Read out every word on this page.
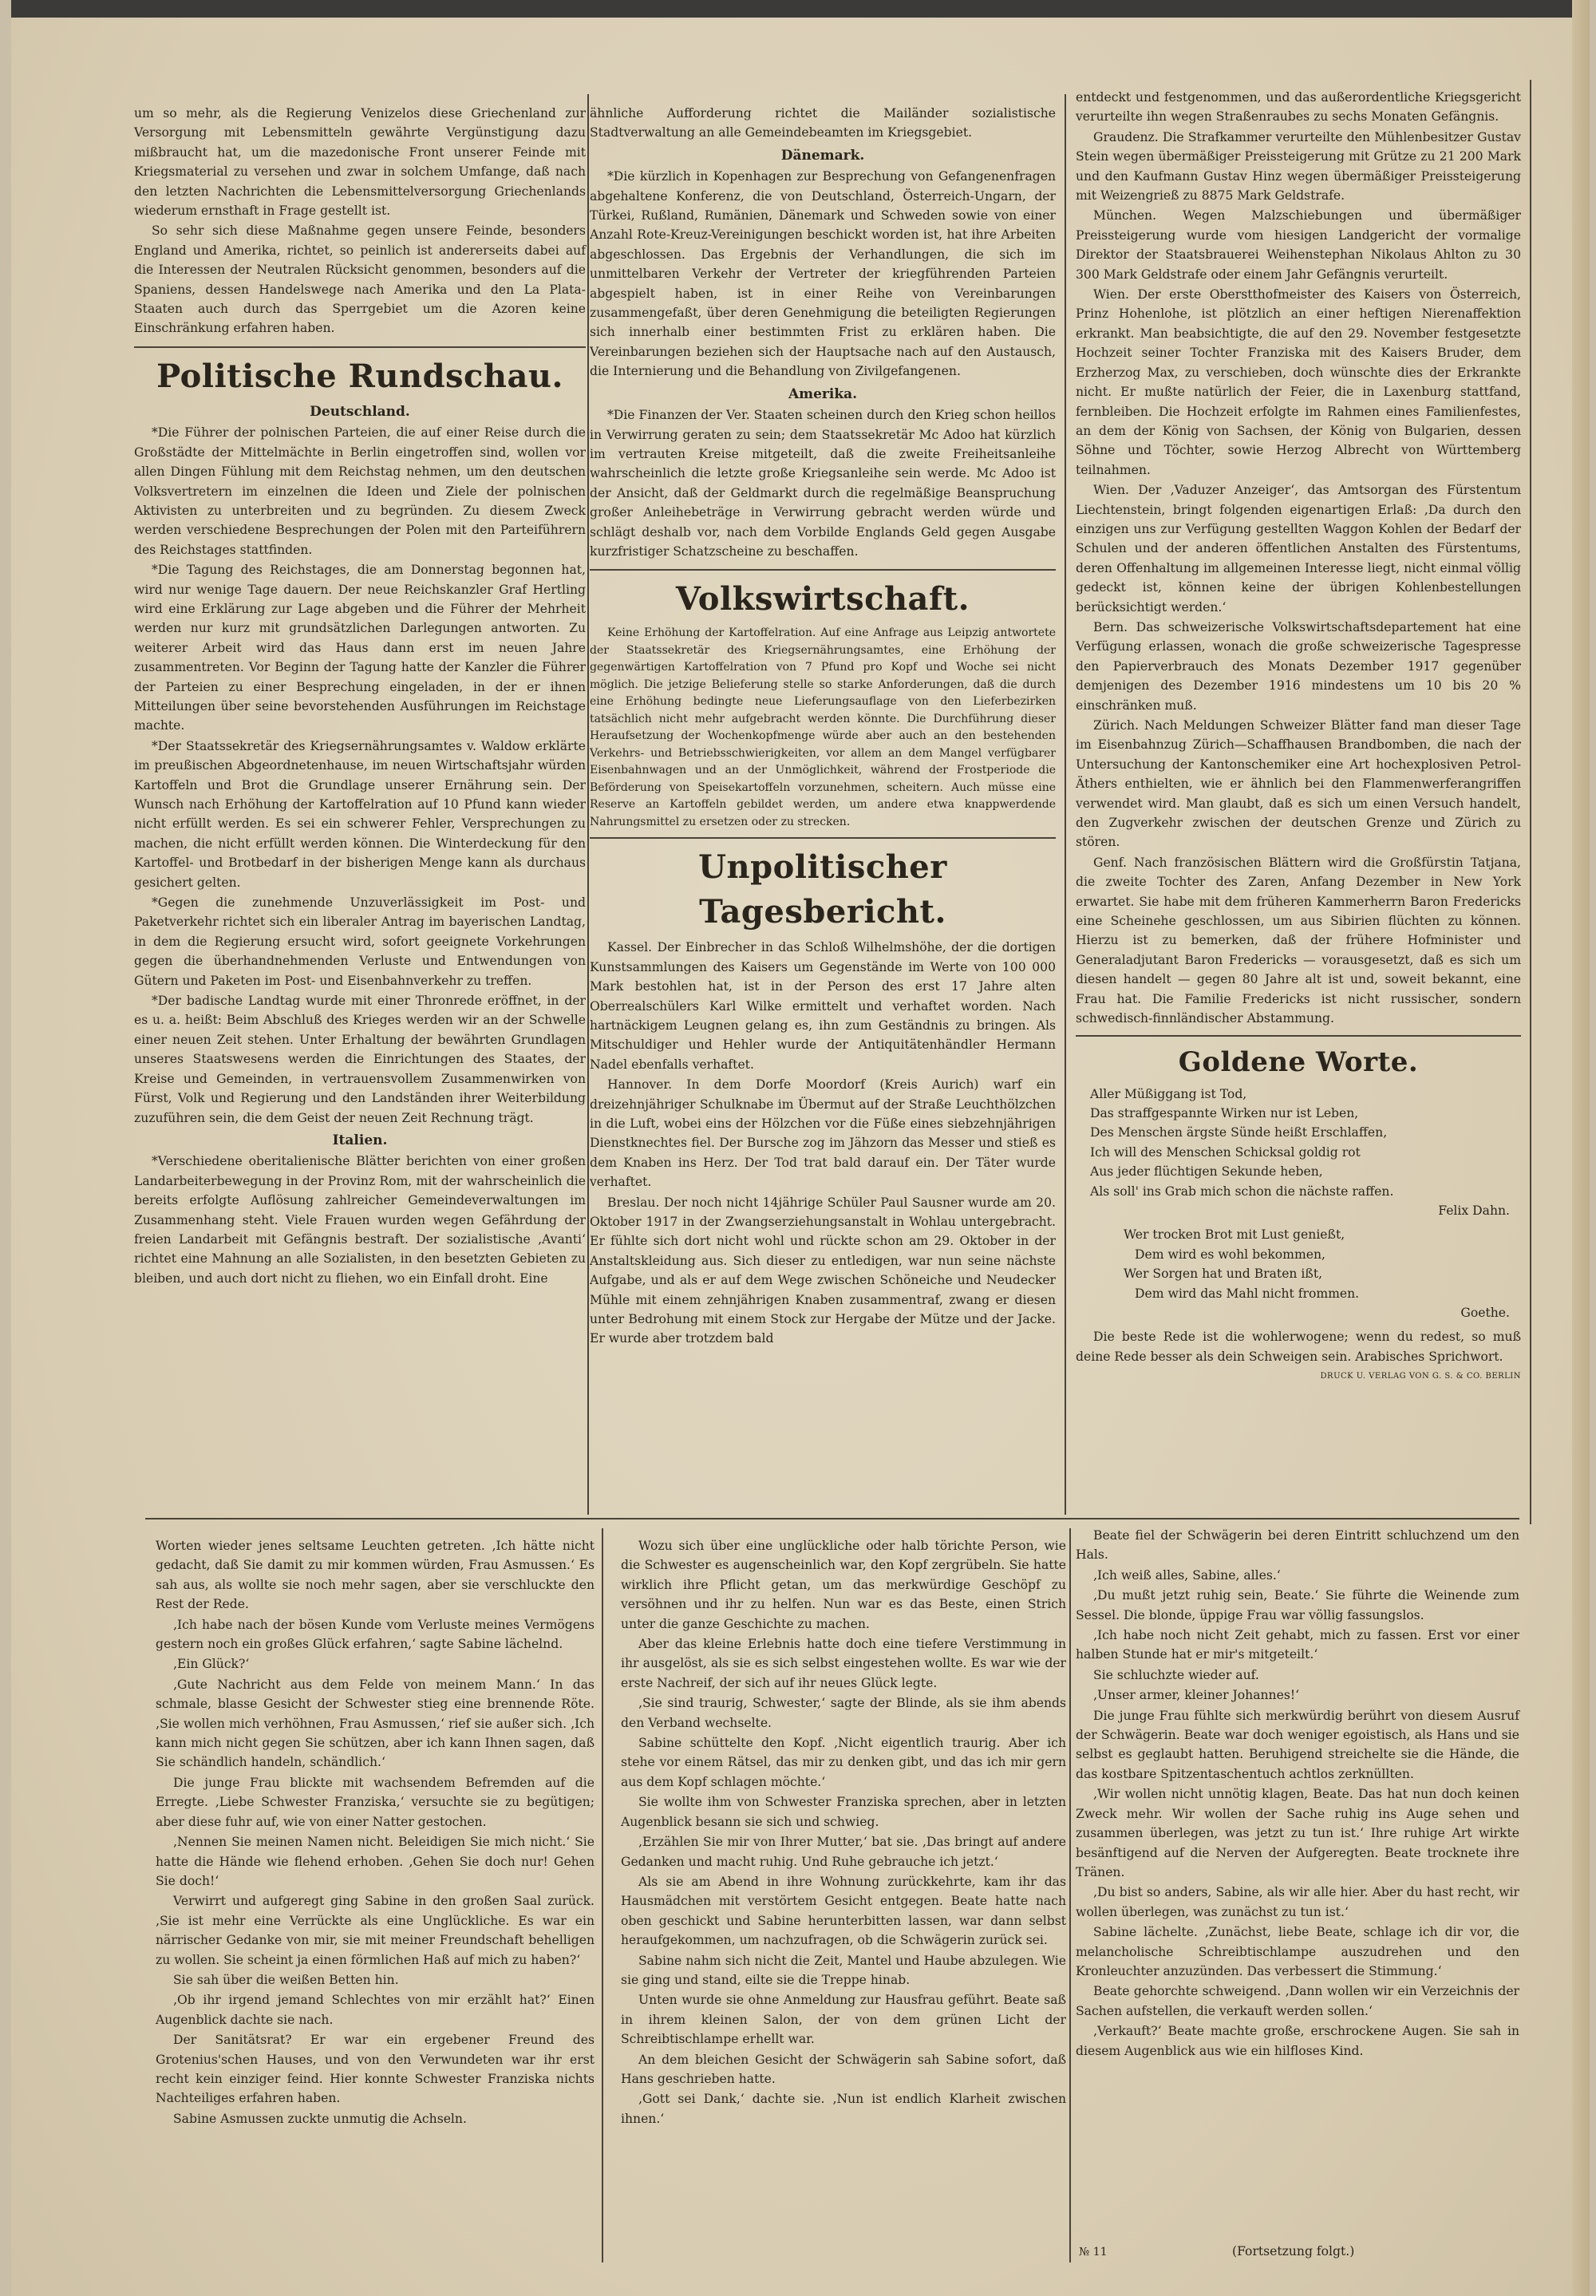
um so mehr, als die Regierung Venizelos diese Griechenland zur Versorgung mit Lebensmitteln gewährte Vergünstigung dazu mißbraucht hat, um die mazedonische Front unserer Feinde mit Kriegsmaterial zu versehen und zwar in solchem Umfange, daß nach den letzten Nachrichten die Lebensmittelversorgung Griechenlands wiederum ernsthaft in Frage gestellt ist.

So sehr sich diese Maßnahme gegen unsere Feinde, besonders England und Amerika, richtet, so peinlich ist andererseits dabei auf die Interessen der Neutralen Rücksicht genommen, besonders auf die Spaniens, dessen Handelswege nach Amerika und den La Plata-Staaten auch durch das Sperrgebiet um die Azoren keine Einschränkung erfahren haben.

Politische Rundschau.
Deutschland.

*Die Führer der polnischen Parteien, die auf einer Reise durch die Großstädte der Mittelmächte in Berlin eingetroffen sind, wollen vor allen Dingen Fühlung mit dem Reichstag nehmen, um den deutschen Volksvertretern im einzelnen die Ideen und Ziele der polnischen Aktivisten zu unterbreiten und zu begründen. Zu diesem Zweck werden verschiedene Besprechungen der Polen mit den Parteiführern des Reichstages stattfinden.

*Die Tagung des Reichstages, die am Donnerstag begonnen hat, wird nur wenige Tage dauern. Der neue Reichskanzler Graf Hertling wird eine Erklärung zur Lage abgeben und die Führer der Mehrheit werden nur kurz mit grundsätzlichen Darlegungen antworten. Zu weiterer Arbeit wird das Haus dann erst im neuen Jahre zusammentreten. Vor Beginn der Tagung hatte der Kanzler die Führer der Parteien zu einer Besprechung eingeladen, in der er ihnen Mitteilungen über seine bevorstehenden Ausführungen im Reichstage machte.

*Der Staatssekretär des Kriegsernährungsamtes v. Waldow erklärte im preußischen Abgeordnetenhause, im neuen Wirtschaftsjahr würden Kartoffeln und Brot die Grundlage unserer Ernährung sein. Der Wunsch nach Erhöhung der Kartoffelration auf 10 Pfund kann wieder nicht erfüllt werden. Es sei ein schwerer Fehler, Versprechungen zu machen, die nicht erfüllt werden können. Die Winterdeckung für den Kartoffel- und Brotbedarf in der bisherigen Menge kann als durchaus gesichert gelten.

*Gegen die zunehmende Unzuverlässigkeit im Post- und Paketverkehr richtet sich ein liberaler Antrag im bayerischen Landtag, in dem die Regierung ersucht wird, sofort geeignete Vorkehrungen gegen die überhandnehmenden Verluste und Entwendungen von Gütern und Paketen im Post- und Eisenbahnverkehr zu treffen.

*Der badische Landtag wurde mit einer Thronrede eröffnet, in der es u. a. heißt: Beim Abschluß des Krieges werden wir an der Schwelle einer neuen Zeit stehen. Unter Erhaltung der bewährten Grundlagen unseres Staatswesens werden die Einrichtungen des Staates, der Kreise und Gemeinden, in vertrauensvollem Zusammenwirken von Fürst, Volk und Regierung und den Landständen ihrer Weiterbildung zuzuführen sein, die dem Geist der neuen Zeit Rechnung trägt.

Italien.

*Verschiedene oberitalienische Blätter berichten von einer großen Landarbeiterbewegung in der Provinz Rom, mit der wahrscheinlich die bereits erfolgte Auflösung zahlreicher Gemeindeverwaltungen im Zusammenhang steht. Viele Frauen wurden wegen Gefährdung der freien Landarbeit mit Gefängnis bestraft. Der sozialistische ‚Avanti‘ richtet eine Mahnung an alle Sozialisten, in den besetzten Gebieten zu bleiben, und auch dort nicht zu fliehen, wo ein Einfall droht. Eine

ähnliche Aufforderung richtet die Mailänder sozialistische Stadtverwaltung an alle Gemeindebeamten im Kriegsgebiet.

Dänemark.

*Die kürzlich in Kopenhagen zur Besprechung von Gefangenenfragen abgehaltene Konferenz, die von Deutschland, Österreich-Ungarn, der Türkei, Rußland, Rumänien, Dänemark und Schweden sowie von einer Anzahl Rote-Kreuz-Vereinigungen beschickt worden ist, hat ihre Arbeiten abgeschlossen. Das Ergebnis der Verhandlungen, die sich im unmittelbaren Verkehr der Vertreter der kriegführenden Parteien abgespielt haben, ist in einer Reihe von Vereinbarungen zusammengefaßt, über deren Genehmigung die beteiligten Regierungen sich innerhalb einer bestimmten Frist zu erklären haben. Die Vereinbarungen beziehen sich der Hauptsache nach auf den Austausch, die Internierung und die Behandlung von Zivilgefangenen.

Amerika.

*Die Finanzen der Ver. Staaten scheinen durch den Krieg schon heillos in Verwirrung geraten zu sein; dem Staatssekretär Mc Adoo hat kürzlich im vertrauten Kreise mitgeteilt, daß die zweite Freiheitsanleihe wahrscheinlich die letzte große Kriegsanleihe sein werde. Mc Adoo ist der Ansicht, daß der Geldmarkt durch die regelmäßige Beanspruchung großer Anleihebeträge in Verwirrung gebracht werden würde und schlägt deshalb vor, nach dem Vorbilde Englands Geld gegen Ausgabe kurzfristiger Schatzscheine zu beschaffen.

Volkswirtschaft.

Keine Erhöhung der Kartoffelration. Auf eine Anfrage aus Leipzig antwortete der Staatssekretär des Kriegsernährungsamtes, eine Erhöhung der gegenwärtigen Kartoffelration von 7 Pfund pro Kopf und Woche sei nicht möglich. Die jetzige Belieferung stelle so starke Anforderungen, daß die durch eine Erhöhung bedingte neue Lieferungsauflage von den Lieferbezirken tatsächlich nicht mehr aufgebracht werden könnte. Die Durchführung dieser Heraufsetzung der Wochenkopfmenge würde aber auch an den bestehenden Verkehrs- und Betriebsschwierigkeiten, vor allem an dem Mangel verfügbarer Eisenbahnwagen und an der Unmöglichkeit, während der Frostperiode die Beförderung von Speisekartoffeln vorzunehmen, scheitern. Auch müsse eine Reserve an Kartoffeln gebildet werden, um andere etwa knappwerdende Nahrungsmittel zu ersetzen oder zu strecken.

Unpolitischer Tagesbericht.

Kassel. Der Einbrecher in das Schloß Wilhelmshöhe, der die dortigen Kunstsammlungen des Kaisers um Gegenstände im Werte von 100 000 Mark bestohlen hat, ist in der Person des erst 17 Jahre alten Oberrealschülers Karl Wilke ermittelt und verhaftet worden. Nach hartnäckigem Leugnen gelang es, ihn zum Geständnis zu bringen. Als Mitschuldiger und Hehler wurde der Antiquitätenhändler Hermann Nadel ebenfalls verhaftet.

Hannover. In dem Dorfe Moordorf (Kreis Aurich) warf ein dreizehnjähriger Schulknabe im Übermut auf der Straße Leuchthölzchen in die Luft, wobei eins der Hölzchen vor die Füße eines siebzehnjährigen Dienstknechtes fiel. Der Bursche zog im Jähzorn das Messer und stieß es dem Knaben ins Herz. Der Tod trat bald darauf ein. Der Täter wurde verhaftet.

Breslau. Der noch nicht 14jährige Schüler Paul Sausner wurde am 20. Oktober 1917 in der Zwangserziehungsanstalt in Wohlau untergebracht. Er fühlte sich dort nicht wohl und rückte schon am 29. Oktober in der Anstaltskleidung aus. Sich dieser zu entledigen, war nun seine nächste Aufgabe, und als er auf dem Wege zwischen Schöneiche und Neudecker Mühle mit einem zehnjährigen Knaben zusammentraf, zwang er diesen unter Bedrohung mit einem Stock zur Hergabe der Mütze und der Jacke. Er wurde aber trotzdem bald

entdeckt und festgenommen, und das außerordentliche Kriegsgericht verurteilte ihn wegen Straßenraubes zu sechs Monaten Gefängnis.

Graudenz. Die Strafkammer verurteilte den Mühlenbesitzer Gustav Stein wegen übermäßiger Preissteigerung mit Grütze zu 21 200 Mark und den Kaufmann Gustav Hinz wegen übermäßiger Preissteigerung mit Weizengrieß zu 8875 Mark Geldstrafe.

München. Wegen Malzschiebungen und übermäßiger Preissteigerung wurde vom hiesigen Landgericht der vormalige Direktor der Staatsbrauerei Weihenstephan Nikolaus Ahlton zu 30 300 Mark Geldstrafe oder einem Jahr Gefängnis verurteilt.

Wien. Der erste Oberstthofmeister des Kaisers von Österreich, Prinz Hohenlohe, ist plötzlich an einer heftigen Nierenaffektion erkrankt. Man beabsichtigte, die auf den 29. November festgesetzte Hochzeit seiner Tochter Franziska mit des Kaisers Bruder, dem Erzherzog Max, zu verschieben, doch wünschte dies der Erkrankte nicht. Er mußte natürlich der Feier, die in Laxenburg stattfand, fernbleiben. Die Hochzeit erfolgte im Rahmen eines Familienfestes, an dem der König von Sachsen, der König von Bulgarien, dessen Söhne und Töchter, sowie Herzog Albrecht von Württemberg teilnahmen.

Wien. Der ‚Vaduzer Anzeiger‘, das Amtsorgan des Fürstentum Liechtenstein, bringt folgenden eigenartigen Erlaß: ‚Da durch den einzigen uns zur Verfügung gestellten Waggon Kohlen der Bedarf der Schulen und der anderen öffentlichen Anstalten des Fürstentums, deren Offenhaltung im allgemeinen Interesse liegt, nicht einmal völlig gedeckt ist, können keine der übrigen Kohlenbestellungen berücksichtigt werden.‘

Bern. Das schweizerische Volkswirtschaftsdepartement hat eine Verfügung erlassen, wonach die große schweizerische Tagespresse den Papierverbrauch des Monats Dezember 1917 gegenüber demjenigen des Dezember 1916 mindestens um 10 bis 20 % einschränken muß.

Zürich. Nach Meldungen Schweizer Blätter fand man dieser Tage im Eisenbahnzug Zürich—Schaffhausen Brandbomben, die nach der Untersuchung der Kantonschemiker eine Art hochexplosiven Petrol-Äthers enthielten, wie er ähnlich bei den Flammenwerferangriffen verwendet wird. Man glaubt, daß es sich um einen Versuch handelt, den Zugverkehr zwischen der deutschen Grenze und Zürich zu stören.

Genf. Nach französischen Blättern wird die Großfürstin Tatjana, die zweite Tochter des Zaren, Anfang Dezember in New York erwartet. Sie habe mit dem früheren Kammerherrn Baron Fredericks eine Scheinehe geschlossen, um aus Sibirien flüchten zu können. Hierzu ist zu bemerken, daß der frühere Hofminister und Generaladjutant Baron Fredericks — vorausgesetzt, daß es sich um diesen handelt — gegen 80 Jahre alt ist und, soweit bekannt, eine Frau hat. Die Familie Fredericks ist nicht russischer, sondern schwedisch-finnländischer Abstammung.

Goldene Worte.
Aller Müßiggang ist Tod,
Das straffgespannte Wirken nur ist Leben,
Des Menschen ärgste Sünde heißt Erschlaffen,
Ich will des Menschen Schicksal goldig rot
Aus jeder flüchtigen Sekunde heben,
Als soll' ins Grab mich schon die nächste raffen.
Felix Dahn.
Wer trocken Brot mit Lust genießt,
Dem wird es wohl bekommen,
Wer Sorgen hat und Braten ißt,
Dem wird das Mahl nicht frommen.
Goethe.

Die beste Rede ist die wohlerwogene; wenn du redest, so muß deine Rede besser als dein Schweigen sein. Arabisches Sprichwort.

DRUCK U. VERLAG VON G. S. & CO. BERLIN

Worten wieder jenes seltsame Leuchten getreten. ‚Ich hätte nicht gedacht, daß Sie damit zu mir kommen würden, Frau Asmussen.‘ Es sah aus, als wollte sie noch mehr sagen, aber sie verschluckte den Rest der Rede.

‚Ich habe nach der bösen Kunde vom Verluste meines Vermögens gestern noch ein großes Glück erfahren,‘ sagte Sabine lächelnd.

‚Ein Glück?‘

‚Gute Nachricht aus dem Felde von meinem Mann.‘ In das schmale, blasse Gesicht der Schwester stieg eine brennende Röte. ‚Sie wollen mich verhöhnen, Frau Asmussen,‘ rief sie außer sich. ‚Ich kann mich nicht gegen Sie schützen, aber ich kann Ihnen sagen, daß Sie schändlich handeln, schändlich.‘

Die junge Frau blickte mit wachsendem Befremden auf die Erregte. ‚Liebe Schwester Franziska,‘ versuchte sie zu begütigen; aber diese fuhr auf, wie von einer Natter gestochen.

‚Nennen Sie meinen Namen nicht. Beleidigen Sie mich nicht.‘ Sie hatte die Hände wie flehend erhoben. ‚Gehen Sie doch nur! Gehen Sie doch!‘

Verwirrt und aufgeregt ging Sabine in den großen Saal zurück. ‚Sie ist mehr eine Verrückte als eine Unglückliche. Es war ein närrischer Gedanke von mir, sie mit meiner Freundschaft behelligen zu wollen. Sie scheint ja einen förmlichen Haß auf mich zu haben?‘

Sie sah über die weißen Betten hin.

‚Ob ihr irgend jemand Schlechtes von mir erzählt hat?‘ Einen Augenblick dachte sie nach.

Der Sanitätsrat? Er war ein ergebener Freund des Grotenius'schen Hauses, und von den Verwundeten war ihr erst recht kein einziger feind. Hier konnte Schwester Franziska nichts Nachteiliges erfahren haben.

Sabine Asmussen zuckte unmutig die Achseln.

Wozu sich über eine unglückliche oder halb törichte Person, wie die Schwester es augenscheinlich war, den Kopf zergrübeln. Sie hatte wirklich ihre Pflicht getan, um das merkwürdige Geschöpf zu versöhnen und ihr zu helfen. Nun war es das Beste, einen Strich unter die ganze Geschichte zu machen.

Aber das kleine Erlebnis hatte doch eine tiefere Verstimmung in ihr ausgelöst, als sie es sich selbst eingestehen wollte. Es war wie der erste Nachreif, der sich auf ihr neues Glück legte.

‚Sie sind traurig, Schwester,‘ sagte der Blinde, als sie ihm abends den Verband wechselte.

Sabine schüttelte den Kopf. ‚Nicht eigentlich traurig. Aber ich stehe vor einem Rätsel, das mir zu denken gibt, und das ich mir gern aus dem Kopf schlagen möchte.‘

Sie wollte ihm von Schwester Franziska sprechen, aber in letzten Augenblick besann sie sich und schwieg.

‚Erzählen Sie mir von Ihrer Mutter,‘ bat sie. ‚Das bringt auf andere Gedanken und macht ruhig. Und Ruhe gebrauche ich jetzt.‘

Als sie am Abend in ihre Wohnung zurückkehrte, kam ihr das Hausmädchen mit verstörtem Gesicht entgegen. Beate hatte nach oben geschickt und Sabine herunterbitten lassen, war dann selbst heraufgekommen, um nachzufragen, ob die Schwägerin zurück sei.

Sabine nahm sich nicht die Zeit, Mantel und Haube abzulegen. Wie sie ging und stand, eilte sie die Treppe hinab.

Unten wurde sie ohne Anmeldung zur Hausfrau geführt. Beate saß in ihrem kleinen Salon, der von dem grünen Licht der Schreibtischlampe erhellt war.

An dem bleichen Gesicht der Schwägerin sah Sabine sofort, daß Hans geschrieben hatte.

‚Gott sei Dank,‘ dachte sie. ‚Nun ist endlich Klarheit zwischen ihnen.‘

Beate fiel der Schwägerin bei deren Eintritt schluchzend um den Hals.

‚Ich weiß alles, Sabine, alles.‘

‚Du mußt jetzt ruhig sein, Beate.‘ Sie führte die Weinende zum Sessel. Die blonde, üppige Frau war völlig fassungslos.

‚Ich habe noch nicht Zeit gehabt, mich zu fassen. Erst vor einer halben Stunde hat er mir's mitgeteilt.‘

Sie schluchzte wieder auf.

‚Unser armer, kleiner Johannes!‘

Die junge Frau fühlte sich merkwürdig berührt von diesem Ausruf der Schwägerin. Beate war doch weniger egoistisch, als Hans und sie selbst es geglaubt hatten. Beruhigend streichelte sie die Hände, die das kostbare Spitzentaschentuch achtlos zerknüllten.

‚Wir wollen nicht unnötig klagen, Beate. Das hat nun doch keinen Zweck mehr. Wir wollen der Sache ruhig ins Auge sehen und zusammen überlegen, was jetzt zu tun ist.‘ Ihre ruhige Art wirkte besänftigend auf die Nerven der Aufgeregten. Beate trocknete ihre Tränen.

‚Du bist so anders, Sabine, als wir alle hier. Aber du hast recht, wir wollen überlegen, was zunächst zu tun ist.‘

Sabine lächelte. ‚Zunächst, liebe Beate, schlage ich dir vor, die melancholische Schreibtischlampe auszudrehen und den Kronleuchter anzuzünden. Das verbessert die Stimmung.‘

Beate gehorchte schweigend. ‚Dann wollen wir ein Verzeichnis der Sachen aufstellen, die verkauft werden sollen.‘

‚Verkauft?‘ Beate machte große, erschrockene Augen. Sie sah in diesem Augenblick aus wie ein hilfloses Kind.

№ 11	(Fortsetzung folgt.)
